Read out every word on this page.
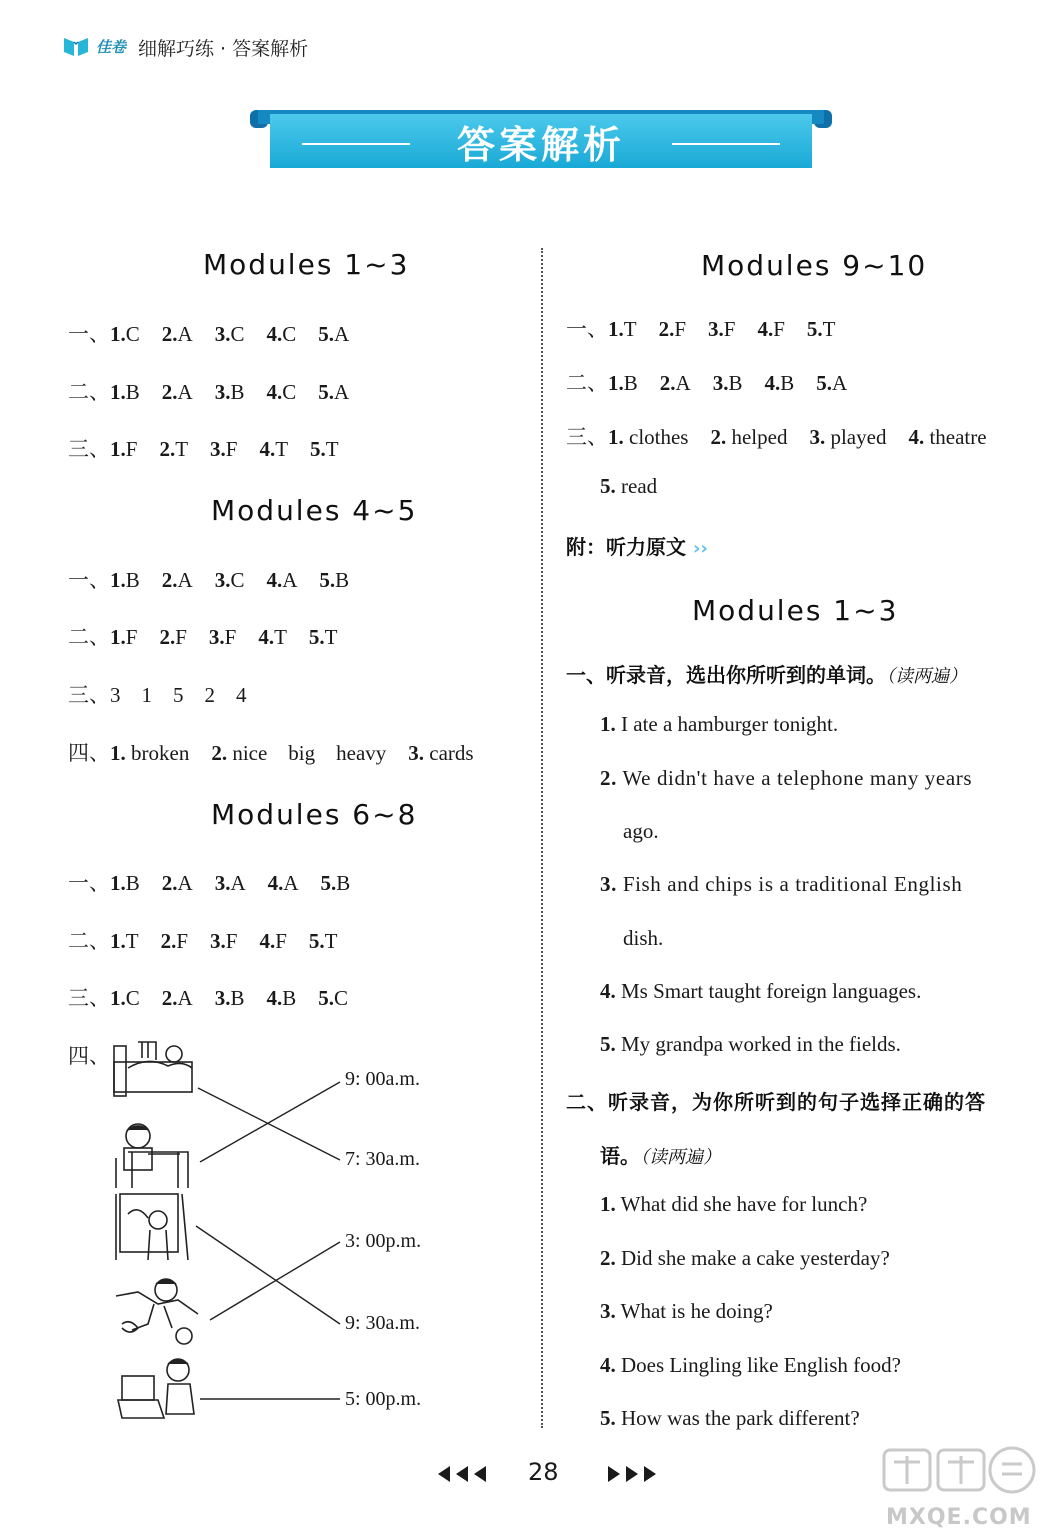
佳卷 细解巧练 · 答案解析
答案解析
Modules 1~3
一、1.C 2.A 3.C 4.C 5.A
二、1.B 2.A 3.B 4.C 5.A
三、1.F 2.T 3.F 4.T 5.T
Modules 4~5
一、1.B 2.A 3.C 4.A 5.B
二、1.F 2.F 3.F 4.T 5.T
三、3　1　5　2　4
四、1. broken 2. nice　big　heavy 3. cards
Modules 6~8
一、1.B 2.A 3.A 4.A 5.B
二、1.T 2.F 3.F 4.F 5.T
三、1.C 2.A 3.B 4.B 5.C
四、
9: 00a.m.
7: 30a.m.
3: 00p.m.
9: 30a.m.
5: 00p.m.
Modules 9~10
一、1.T 2.F 3.F 4.F 5.T
二、1.B 2.A 3.B 4.B 5.A
三、1. clothes 2. helped 3. played 4. theatre
5. read
附：听力原文 ››
Modules 1~3
一、听录音，选出你所听到的单词。（读两遍）
1. I ate a hamburger tonight.
2. We didn't have a telephone many years
ago.
3. Fish and chips is a traditional English
dish.
4. Ms Smart taught foreign languages.
5. My grandpa worked in the fields.
二、听录音，为你所听到的句子选择正确的答
语。（读两遍）
1. What did she have for lunch?
2. Did she make a cake yesterday?
3. What is he doing?
4. Does Lingling like English food?
5. How was the park different?
28
MXQE.COM
